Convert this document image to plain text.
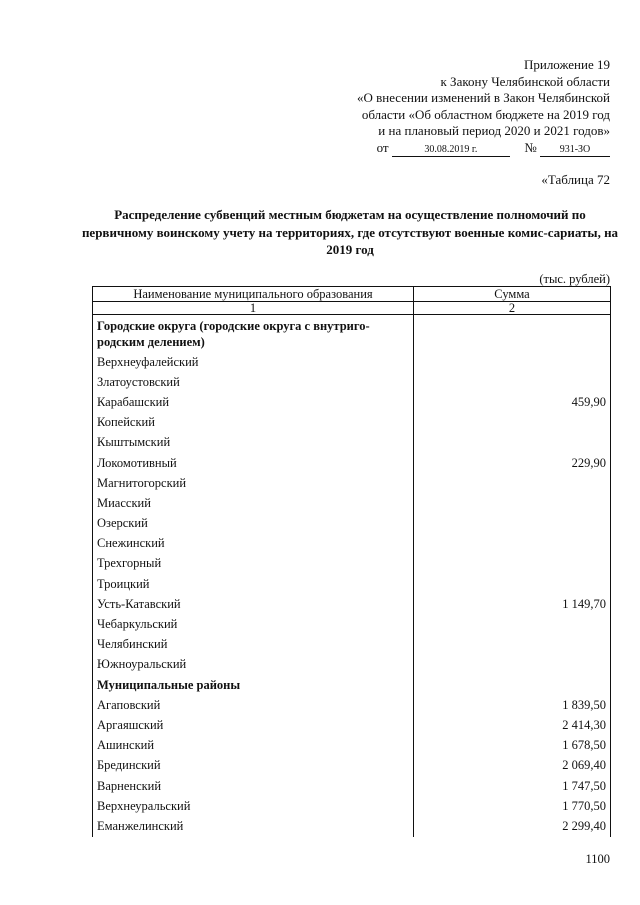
Приложение 19
к Закону Челябинской области
«О внесении изменений в Закон Челябинской
области «Об областном бюджете на 2019 год
и на плановый период 2020 и 2021 годов»
от	30.08.2019 г.	№ 931-ЗО
«Таблица 72
Распределение субвенций местным бюджетам на осуществление полномочий по первичному воинскому учету на территориях, где отсутствуют военные комис-сариаты, на 2019 год
(тыс. рублей)
Наименование муниципального образования	Сумма
1	2
Городские округа (городские округа с внутриго-родским делением)	
Верхнеуфалейский	
Златоустовский	
Карабашский	459,90
Копейский	
Кыштымский	
Локомотивный	229,90
Магнитогорский	
Миасский	
Озерский	
Снежинский	
Трехгорный	
Троицкий	
Усть-Катавский	1 149,70
Чебаркульский	
Челябинский	
Южноуральский	
Муниципальные районы	
Агаповский	1 839,50
Аргаяшский	2 414,30
Ашинский	1 678,50
Брединский	2 069,40
Варненский	1 747,50
Верхнеуральский	1 770,50
Еманжелинский	2 299,40
1100
